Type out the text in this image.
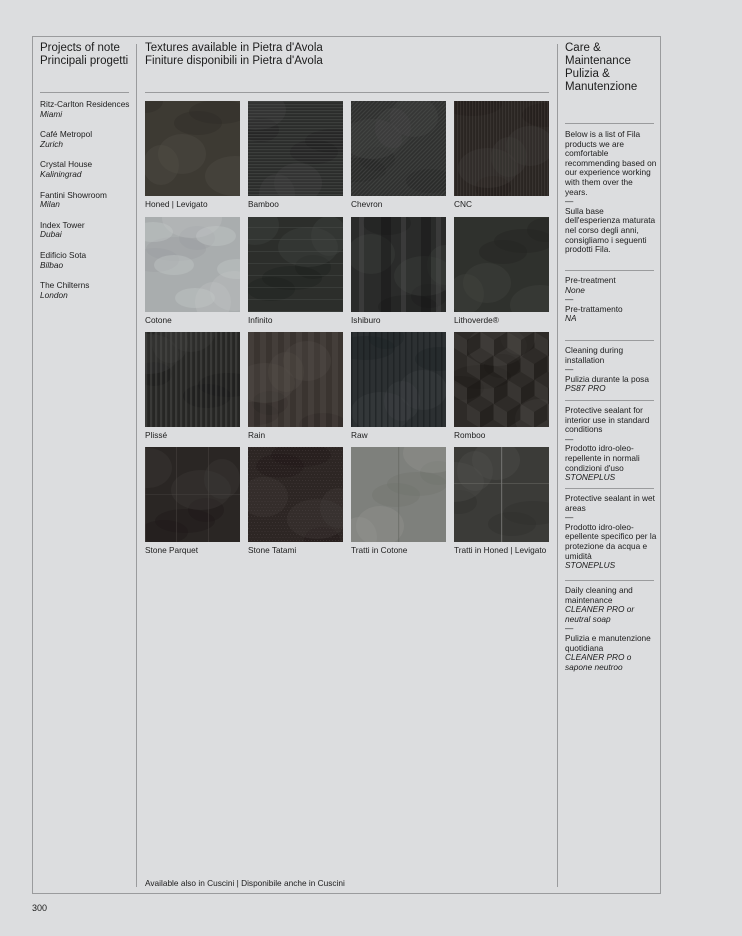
Projects of note

Principali progetti

Ritz-Carlton Residences
Miami
Café Metropol
Zurich
Crystal House
Kaliningrad
Fantini Showroom
Milan
Index Tower
Dubai
Edificio Sota
Bilbao
The Chilterns
London

Textures available in Pietra d'Avola

Finiture disponibili in Pietra d'Avola

Honed | Levigato	Bamboo	Chevron	CNC
Cotone	Infinito	Ishiburo	Lithoverde®
Plissé	Rain	Raw	Romboo
Stone Parquet	Stone Tatami	Tratti in Cotone	Tratti in Honed | Levigato
Available also in Cuscini | Disponibile anche in Cuscini

Care &

Maintenance

Pulizia &

Manutenzione

Below is a list of Fila products we are comfortable recommending based on our experience working with them over the years.
—
Sulla base dell'esperienza maturata nel corso degli anni, consigliamo i seguenti prodotti Fila.
Pre-treatment
None
—
Pre-trattamento
NA
Cleaning during installation
—
Pulizia durante la posa
PS87 PRO
Protective sealant for interior use in standard conditions
—
Prodotto idro-oleo-repellente in normali condizioni d'uso
STONEPLUS
Protective sealant in wet areas
—
Prodotto idro-oleo-epellente specifico per la protezione da acqua e umidità
STONEPLUS
Daily cleaning and maintenance
CLEANER PRO or neutral soap
—
Pulizia e manutenzione quotidiana
CLEANER PRO o sapone neutroo
300
